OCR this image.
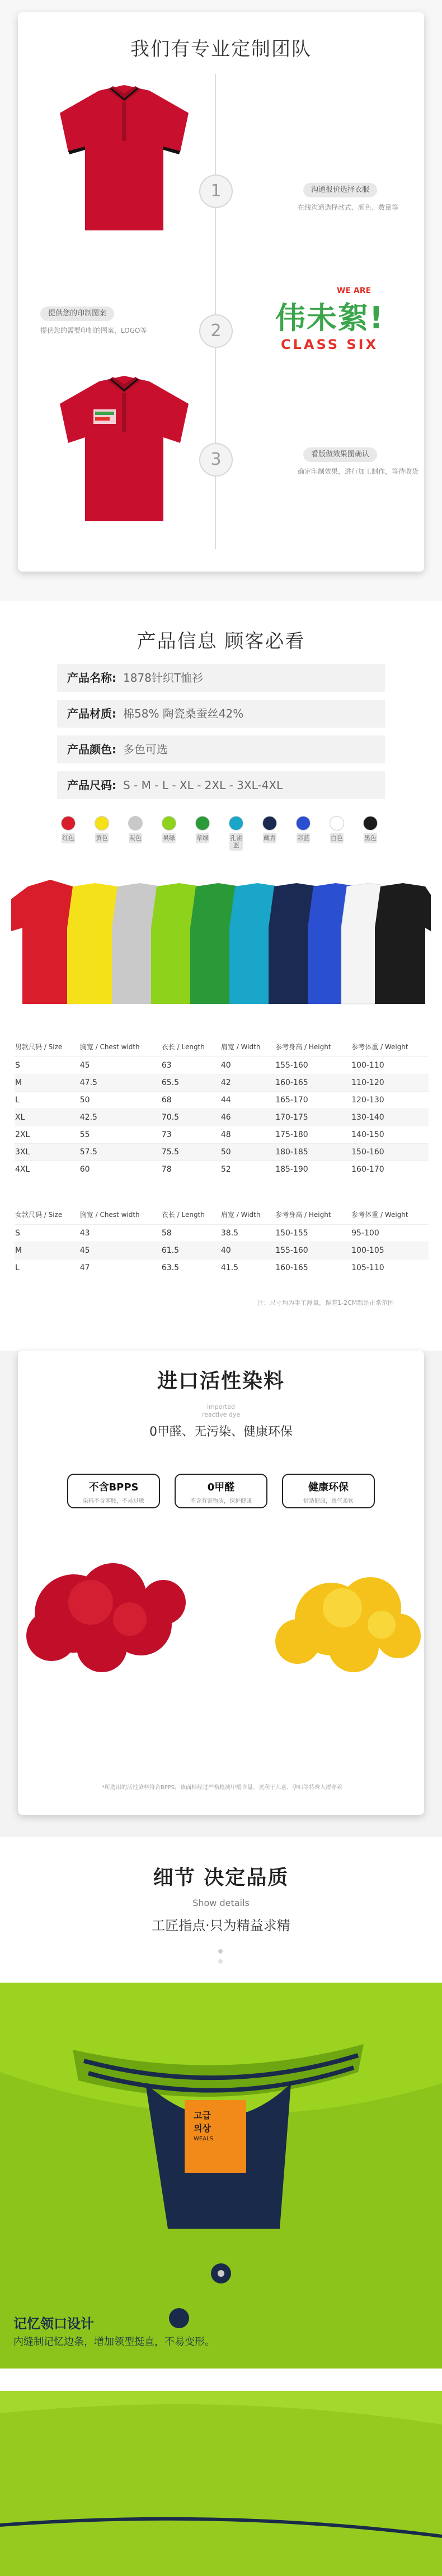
我们有专业定制团队
1	沟通报价选择衣服
在线沟通选择款式、颜色、数量等
2
提供您的印制图案
提供您的需要印制的图案，LOGO等
WE ARE
伟未絮!
CLASS SIX
3	看版做效果图确认
确定印制效果，进行加工制作，等待收货
产品信息 顾客必看
产品名称: 1878针织T恤衫
产品材质: 棉58% 陶瓷桑蚕丝42%
产品颜色: 多色可选
产品尺码: S - M - L - XL - 2XL - 3XL-4XL
红色	黄色	灰色	果绿	草绿	孔雀蓝
藏青	彩蓝	白色	黑色
男款尺码 / Size	胸宽 / Chest width	衣长 / Length	肩宽 / Width	参考身高 / Height	参考体重 / Weight
S	45	63	40	155-160	100-110
M	47.5	65.5	42	160-165	110-120
L	50	68	44	165-170	120-130
XL	42.5	70.5	46	170-175	130-140
2XL	55	73	48	175-180	140-150
3XL	57.5	75.5	50	180-185	150-160
4XL	60	78	52	185-190	160-170
女款尺码 / Size	胸宽 / Chest width	衣长 / Length	肩宽 / Width	参考身高 / Height	参考体重 / Weight
S	43	58	38.5	150-155	95-100
M	45	61.5	40	155-160	100-105
L	47	63.5	41.5	160-165	105-110
注：尺寸均为手工测量，误差1-2CM都是正常范围
进口活性染料
imported
reactive dye
0甲醛、无污染、健康环保
不含BPPS
染料不含苯胺，不易过敏
0甲醛
不含有害物质，保护健康
健康环保
舒适健康，透气柔软
*所选用的活性染料符合BPPS，该面料经过严格检测甲醛含量，更利于儿童、孕妇等特殊人群穿着
细节 决定品质
Show details
工匠指点·只为精益求精
고급
의상
WEALS
记忆领口设计
内缝制记忆边条，增加领型挺直，不易变形。
